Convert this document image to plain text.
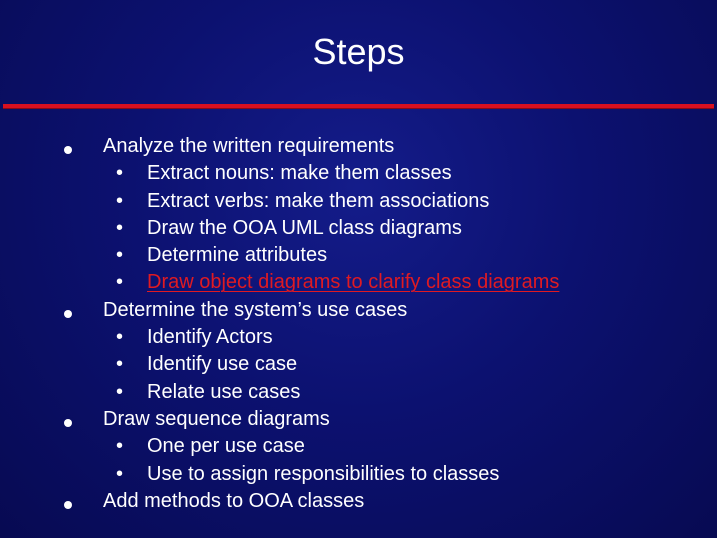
Steps
Analyze the written requirements
• Extract nouns: make them classes
• Extract verbs: make them associations
• Draw the OOA UML class diagrams
• Determine attributes
• Draw object diagrams to clarify class diagrams
Determine the system’s use cases
• Identify Actors
• Identify use case
• Relate use cases
Draw sequence diagrams
• One per use case
• Use to assign responsibilities to classes
Add methods to OOA classes
